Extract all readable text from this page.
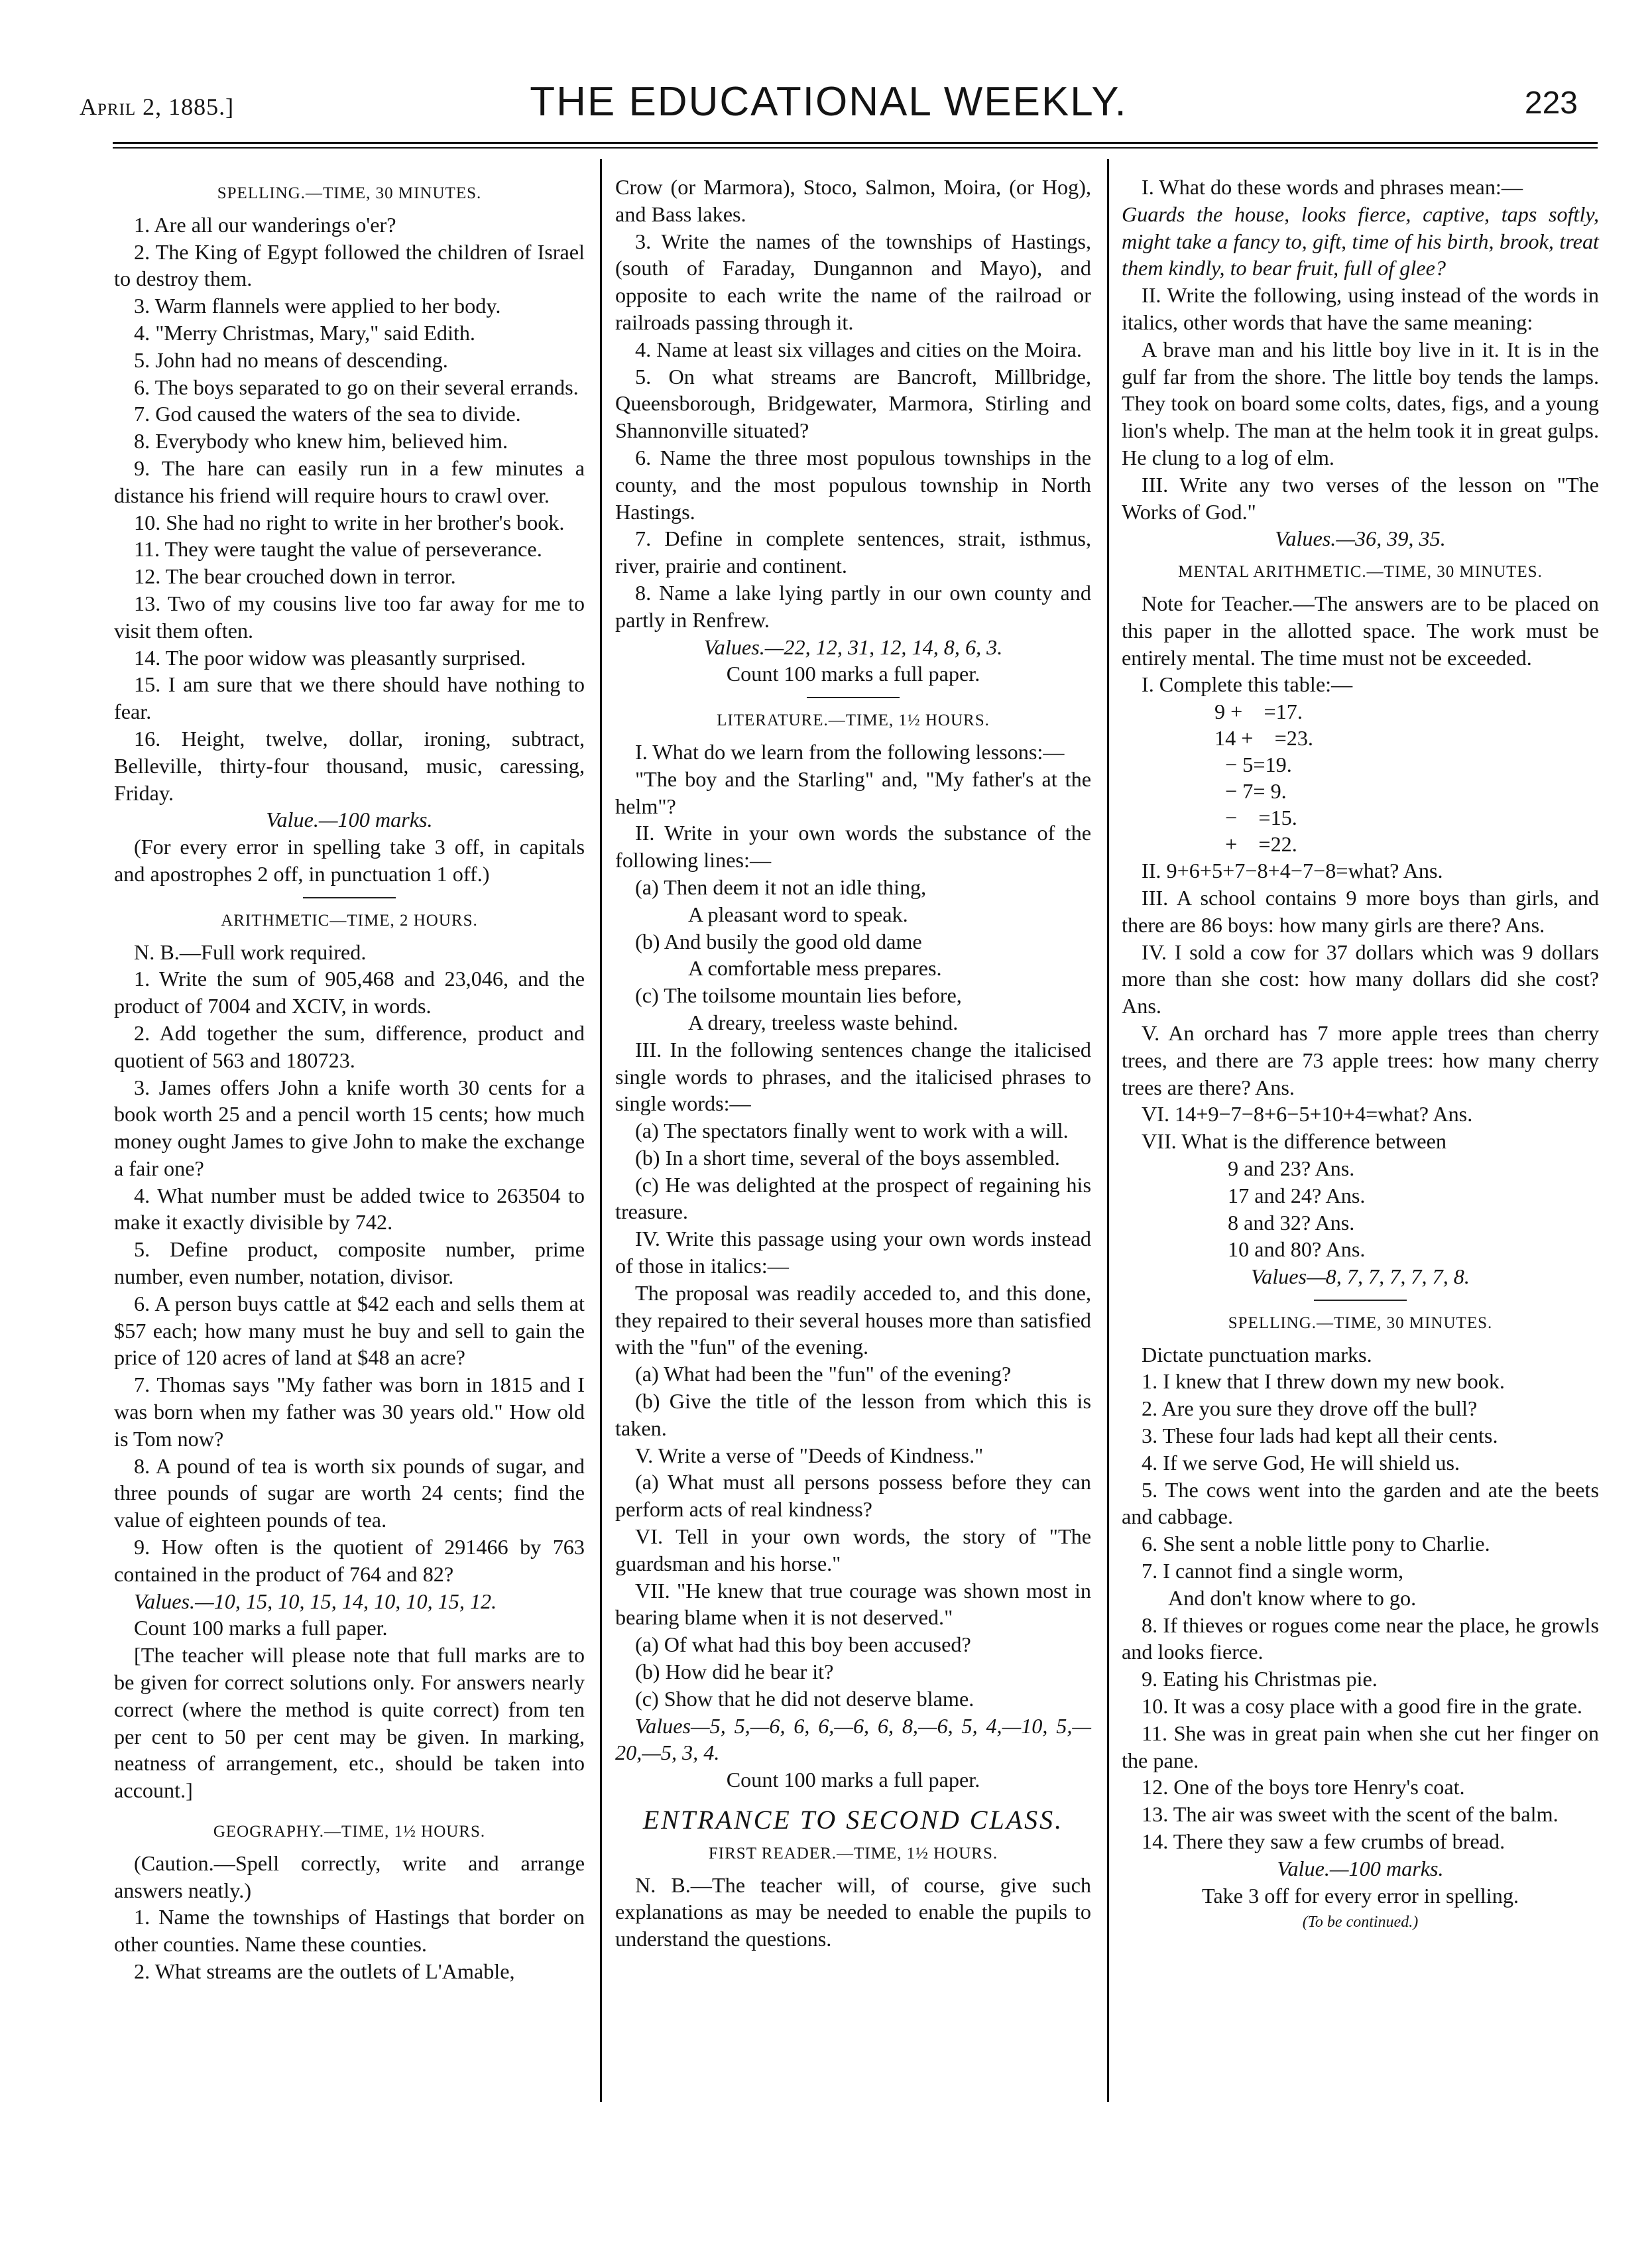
April 2, 1885.]	THE EDUCATIONAL WEEKLY.	223
SPELLING.—TIME, 30 MINUTES.

1. Are all our wanderings o'er?

2. The King of Egypt followed the children of Israel to destroy them.

3. Warm flannels were applied to her body.

4. "Merry Christmas, Mary," said Edith.

5. John had no means of descending.

6. The boys separated to go on their several errands.

7. God caused the waters of the sea to divide.

8. Everybody who knew him, believed him.

9. The hare can easily run in a few minutes a distance his friend will require hours to crawl over.

10. She had no right to write in her brother's book.

11. They were taught the value of perseverance.

12. The bear crouched down in terror.

13. Two of my cousins live too far away for me to visit them often.

14. The poor widow was pleasantly surprised.

15. I am sure that we there should have nothing to fear.

16. Height, twelve, dollar, ironing, subtract, Belleville, thirty-four thousand, music, caressing, Friday.

Value.—100 marks.

(For every error in spelling take 3 off, in capitals and apostrophes 2 off, in punctuation 1 off.)

ARITHMETIC—TIME, 2 HOURS.

N. B.—Full work required.

1. Write the sum of 905,468 and 23,046, and the product of 7004 and XCIV, in words.

2. Add together the sum, difference, product and quotient of 563 and 180723.

3. James offers John a knife worth 30 cents for a book worth 25 and a pencil worth 15 cents; how much money ought James to give John to make the exchange a fair one?

4. What number must be added twice to 263504 to make it exactly divisible by 742.

5. Define product, composite number, prime number, even number, notation, divisor.

6. A person buys cattle at $42 each and sells them at $57 each; how many must he buy and sell to gain the price of 120 acres of land at $48 an acre?

7. Thomas says "My father was born in 1815 and I was born when my father was 30 years old." How old is Tom now?

8. A pound of tea is worth six pounds of sugar, and three pounds of sugar are worth 24 cents; find the value of eighteen pounds of tea.

9. How often is the quotient of 291466 by 763 contained in the product of 764 and 82?

Values.—10, 15, 10, 15, 14, 10, 10, 15, 12.

Count 100 marks a full paper.

[The teacher will please note that full marks are to be given for correct solutions only. For answers nearly correct (where the method is quite correct) from ten per cent to 50 per cent may be given. In marking, neatness of arrangement, etc., should be taken into account.]

GEOGRAPHY.—TIME, 1½ HOURS.

(Caution.—Spell correctly, write and arrange answers neatly.)

1. Name the townships of Hastings that border on other counties. Name these counties.

2. What streams are the outlets of L'Amable,

Crow (or Marmora), Stoco, Salmon, Moira, (or Hog), and Bass lakes.

3. Write the names of the townships of Hastings, (south of Faraday, Dungannon and Mayo), and opposite to each write the name of the railroad or railroads passing through it.

4. Name at least six villages and cities on the Moira.

5. On what streams are Bancroft, Millbridge, Queensborough, Bridgewater, Marmora, Stirling and Shannonville situated?

6. Name the three most populous townships in the county, and the most populous township in North Hastings.

7. Define in complete sentences, strait, isthmus, river, prairie and continent.

8. Name a lake lying partly in our own county and partly in Renfrew.

Values.—22, 12, 31, 12, 14, 8, 6, 3.

Count 100 marks a full paper.

LITERATURE.—TIME, 1½ HOURS.

I. What do we learn from the following lessons:—

"The boy and the Starling" and, "My father's at the helm"?

II. Write in your own words the substance of the following lines:—

(a) Then deem it not an idle thing,

A pleasant word to speak.

(b) And busily the good old dame

A comfortable mess prepares.

(c) The toilsome mountain lies before,

A dreary, treeless waste behind.

III. In the following sentences change the italicised single words to phrases, and the italicised phrases to single words:—

(a) The spectators finally went to work with a will.

(b) In a short time, several of the boys assembled.

(c) He was delighted at the prospect of regaining his treasure.

IV. Write this passage using your own words instead of those in italics:—

The proposal was readily acceded to, and this done, they repaired to their several houses more than satisfied with the "fun" of the evening.

(a) What had been the "fun" of the evening?

(b) Give the title of the lesson from which this is taken.

V. Write a verse of "Deeds of Kindness."

(a) What must all persons possess before they can perform acts of real kindness?

VI. Tell in your own words, the story of "The guardsman and his horse."

VII. "He knew that true courage was shown most in bearing blame when it is not deserved."

(a) Of what had this boy been accused?

(b) How did he bear it?

(c) Show that he did not deserve blame.

Values—5, 5,—6, 6, 6,—6, 6, 8,—6, 5, 4,—10, 5,—20,—5, 3, 4.

Count 100 marks a full paper.

ENTRANCE TO SECOND CLASS.
FIRST READER.—TIME, 1½ HOURS.

N. B.—The teacher will, of course, give such explanations as may be needed to enable the pupils to understand the questions.

I. What do these words and phrases mean:—

Guards the house, looks fierce, captive, taps softly, might take a fancy to, gift, time of his birth, brook, treat them kindly, to bear fruit, full of glee?

II. Write the following, using instead of the words in italics, other words that have the same meaning:

A brave man and his little boy live in it. It is in the gulf far from the shore. The little boy tends the lamps. They took on board some colts, dates, figs, and a young lion's whelp. The man at the helm took it in great gulps. He clung to a log of elm.

III. Write any two verses of the lesson on "The Works of God."

Values.—36, 39, 35.

MENTAL ARITHMETIC.—TIME, 30 MINUTES.

Note for Teacher.—The answers are to be placed on this paper in the allotted space. The work must be entirely mental. The time must not be exceeded.

I. Complete this table:—

9 +    =17.

14 +    =23.

− 5=19.

− 7= 9.

−    =15.

+    =22.

II. 9+6+5+7−8+4−7−8=what? Ans.

III. A school contains 9 more boys than girls, and there are 86 boys: how many girls are there? Ans.

IV. I sold a cow for 37 dollars which was 9 dollars more than she cost: how many dollars did she cost? Ans.

V. An orchard has 7 more apple trees than cherry trees, and there are 73 apple trees: how many cherry trees are there? Ans.

VI. 14+9−7−8+6−5+10+4=what? Ans.

VII. What is the difference between

9 and 23? Ans.

17 and 24? Ans.

8 and 32? Ans.

10 and 80? Ans.

Values—8, 7, 7, 7, 7, 7, 8.

SPELLING.—TIME, 30 MINUTES.

Dictate punctuation marks.

1. I knew that I threw down my new book.

2. Are you sure they drove off the bull?

3. These four lads had kept all their cents.

4. If we serve God, He will shield us.

5. The cows went into the garden and ate the beets and cabbage.

6. She sent a noble little pony to Charlie.

7. I cannot find a single worm,

And don't know where to go.

8. If thieves or rogues come near the place, he growls and looks fierce.

9. Eating his Christmas pie.

10. It was a cosy place with a good fire in the grate.

11. She was in great pain when she cut her finger on the pane.

12. One of the boys tore Henry's coat.

13. The air was sweet with the scent of the balm.

14. There they saw a few crumbs of bread.

Value.—100 marks.

Take 3 off for every error in spelling.

(To be continued.)
